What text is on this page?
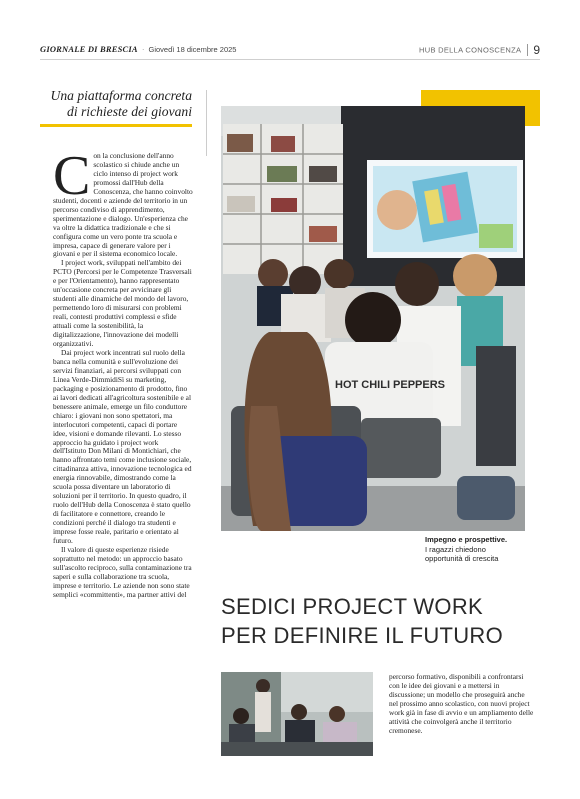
GIORNALE DI BRESCIA · Giovedì 18 dicembre 2025	HUB DELLA CONOSCENZA 9
Una piattaforma concreta
di richieste dei giovani
C on la conclusione dell'anno scolastico si chiude anche un ciclo intenso di project work promossi dall'Hub della Conoscenza, che hanno coinvolto studenti, docenti e aziende del territorio in un percorso condiviso di apprendimento, sperimentazione e dialogo. Un'esperienza che va oltre la didattica tradizionale e che si configura come un vero ponte tra scuola e impresa, capace di generare valore per i giovani e per il sistema economico locale.

I project work, sviluppati nell'ambito dei PCTO (Percorsi per le Competenze Trasversali e per l'Orientamento), hanno rappresentato un'occasione concreta per avvicinare gli studenti alle dinamiche del mondo del lavoro, permettendo loro di misurarsi con problemi reali, contesti produttivi complessi e sfide attuali come la sostenibilità, la digitalizzazione, l'innovazione dei modelli organizzativi.

Dai project work incentrati sul ruolo della banca nella comunità e sull'evoluzione dei servizi finanziari, ai percorsi sviluppati con Linea Verde-DimmidiSì su marketing, packaging e posizionamento di prodotto, fino ai lavori dedicati all'agricoltura sostenibile e al benessere animale, emerge un filo conduttore chiaro: i giovani non sono spettatori, ma interlocutori competenti, capaci di portare idee, visioni e domande rilevanti. Lo stesso approccio ha guidato i project work dell'Istituto Don Milani di Montichiari, che hanno affrontato temi come inclusione sociale, cittadinanza attiva, innovazione tecnologica ed energia rinnovabile, dimostrando come la scuola possa diventare un laboratorio di soluzioni per il territorio. In questo quadro, il ruolo dell'Hub della Conoscenza è stato quello di facilitatore e connettore, creando le condizioni perché il dialogo tra studenti e imprese fosse reale, paritario e orientato al futuro.

Il valore di queste esperienze risiede soprattutto nel metodo: un approccio basato sull'ascolto reciproco, sulla contaminazione tra saperi e sulla collaborazione tra scuola, imprese e territorio. Le aziende non sono state semplici «committenti», ma partner attivi del

HOT CHILI PEPPERS
Impegno e prospettive.
I ragazzi chiedono
opportunità di crescita
SEDICI PROJECT WORK
PER DEFINIRE IL FUTURO
percorso formativo, disponibili a confrontarsi con le idee dei giovani e a mettersi in discussione; un modello che proseguirà anche nel prossimo anno scolastico, con nuovi project work già in fase di avvio e un ampliamento delle attività che coinvolgerà anche il territorio cremonese.
